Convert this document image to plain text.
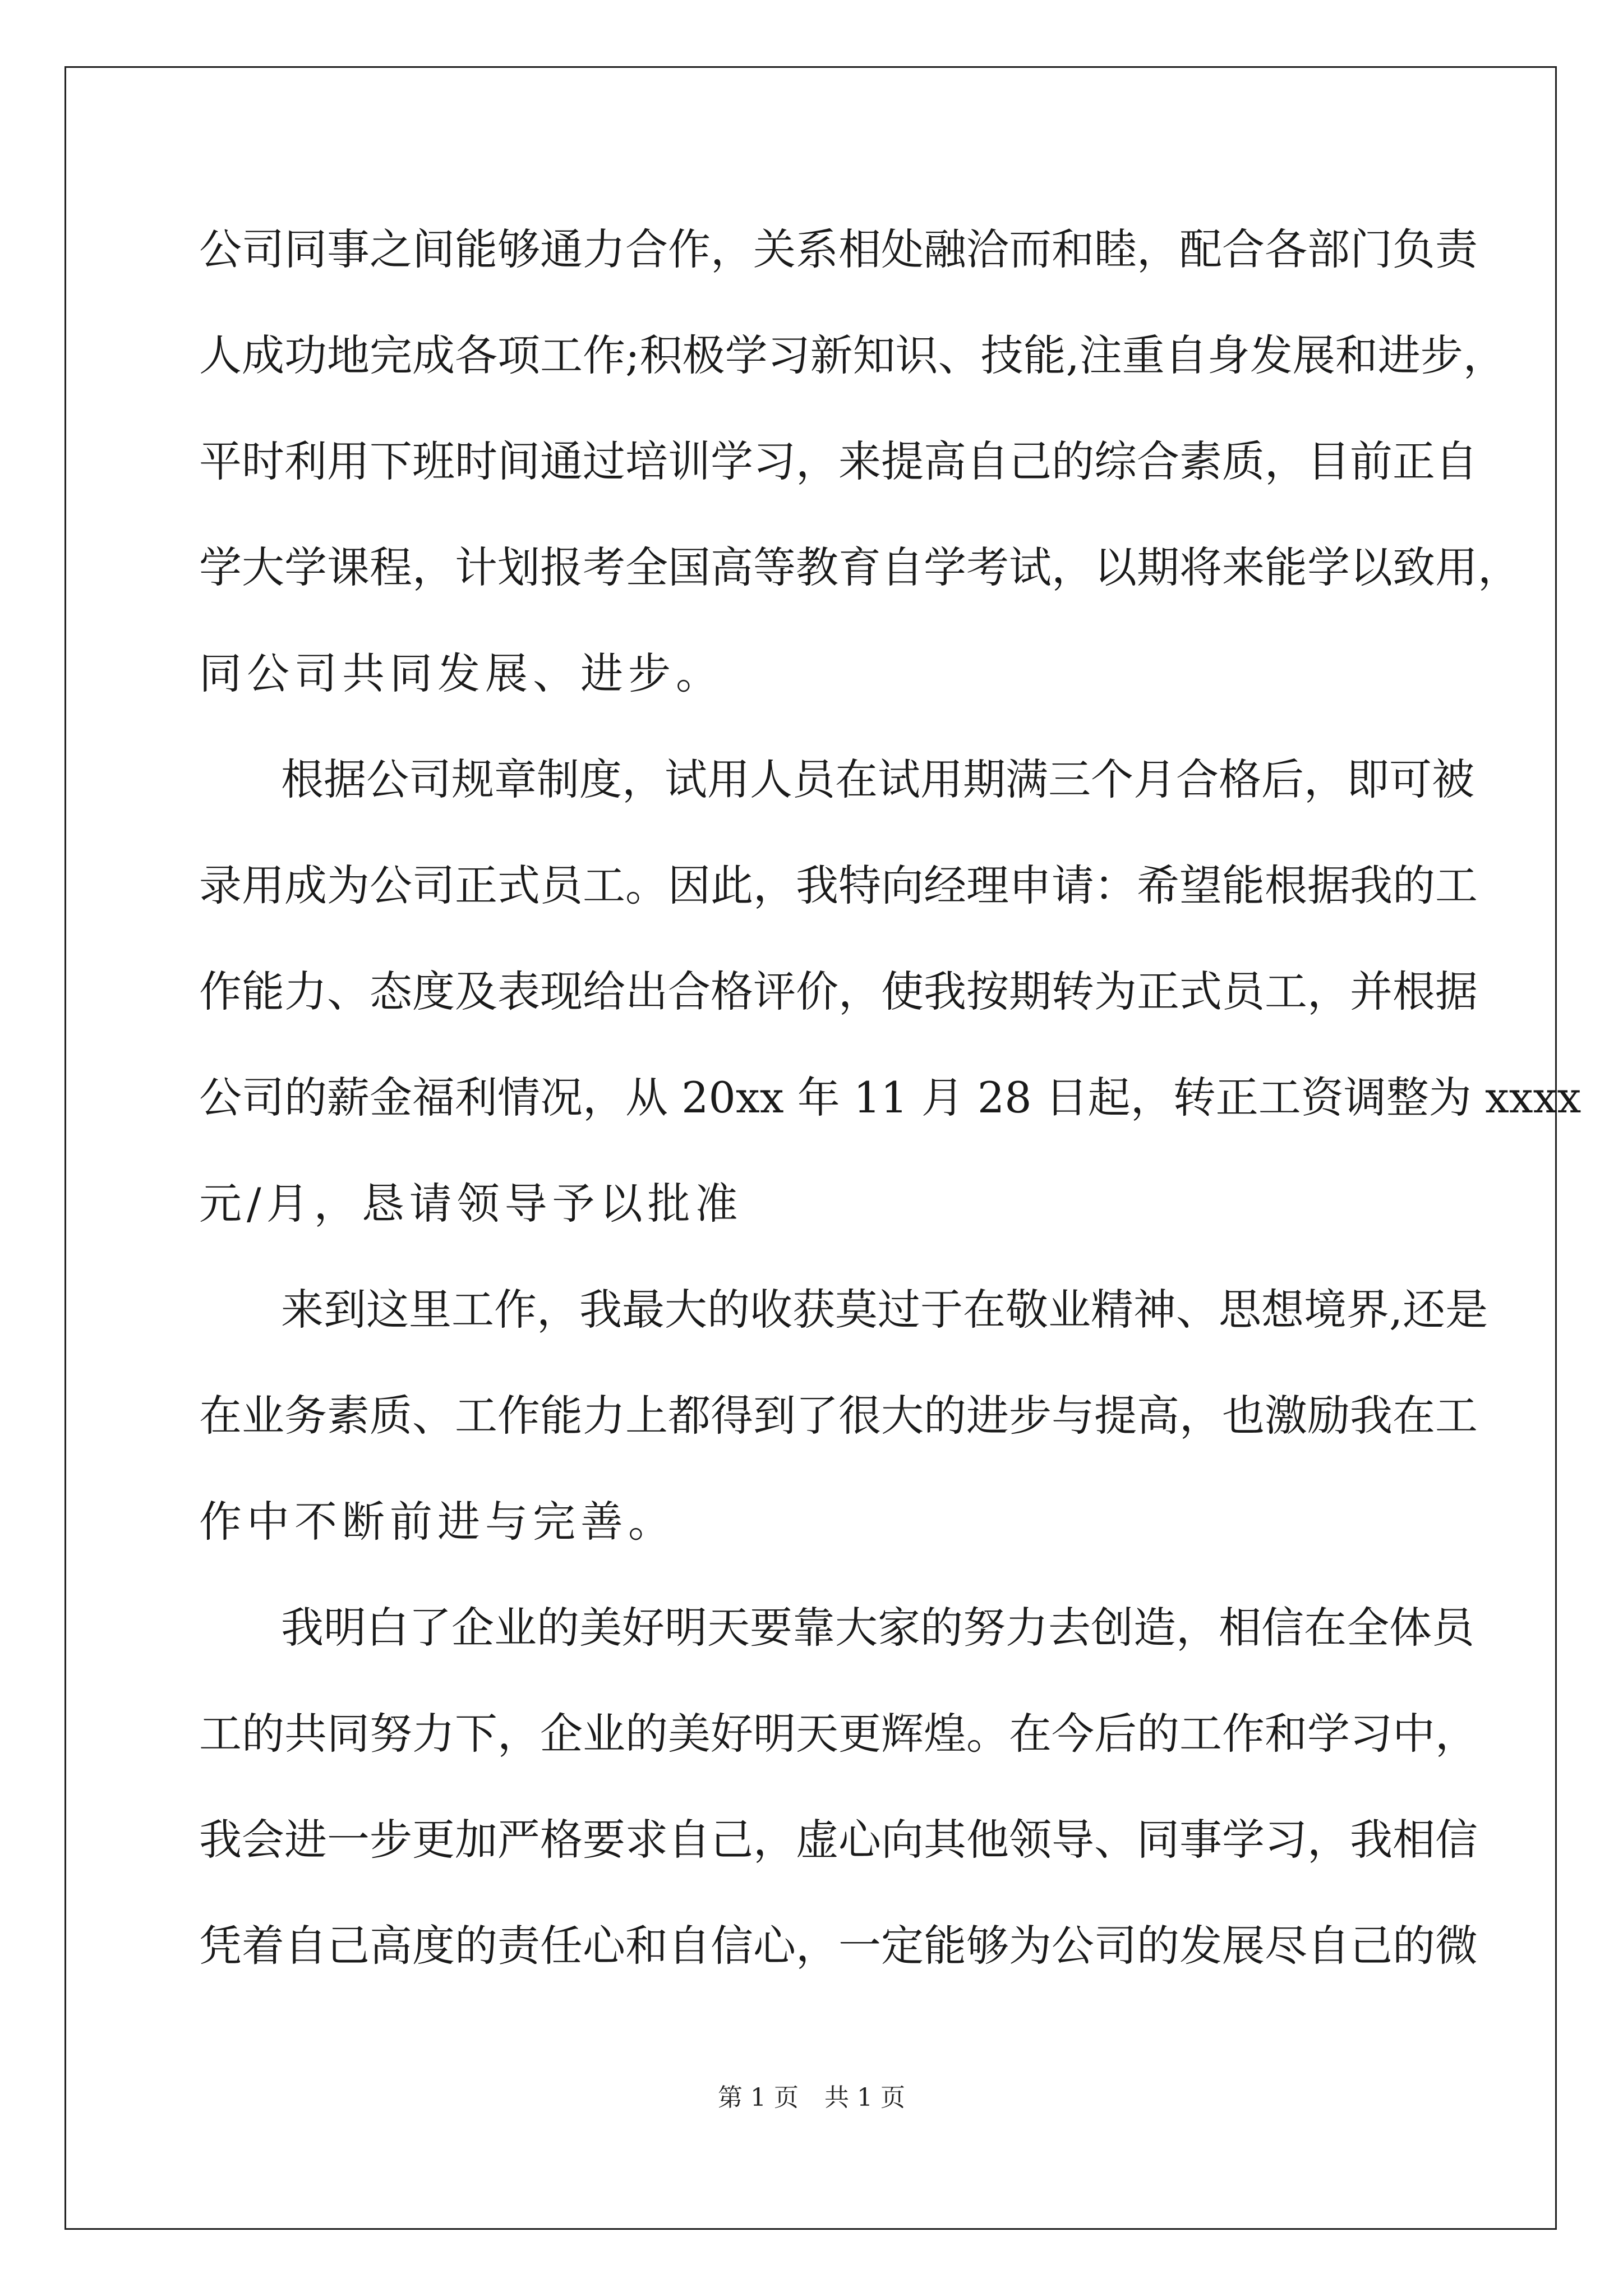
公司同事之间能够通力合作，关系相处融洽而和睦，配合各部门负责
人成功地完成各项工作;积极学习新知识、技能,注重自身发展和进步，
平时利用下班时间通过培训学习，来提高自己的综合素质，目前正自
学大学课程，计划报考全国高等教育自学考试，以期将来能学以致用，
同公司共同发展、进步。
根据公司规章制度，试用人员在试用期满三个月合格后，即可被
录用成为公司正式员工。因此，我特向经理申请：希望能根据我的工
作能力、态度及表现给出合格评价，使我按期转为正式员工，并根据
公司的薪金福利情况，从 20xx 年 11 月 28 日起，转正工资调整为 xxxx
元/月，恳请领导予以批准
来到这里工作，我最大的收获莫过于在敬业精神、思想境界,还是
在业务素质、工作能力上都得到了很大的进步与提高，也激励我在工
作中不断前进与完善。
我明白了企业的美好明天要靠大家的努力去创造，相信在全体员
工的共同努力下，企业的美好明天更辉煌。在今后的工作和学习中，
我会进一步更加严格要求自己，虚心向其他领导、同事学习，我相信
凭着自己高度的责任心和自信心，一定能够为公司的发展尽自己的微
第 1 页 共 1 页
